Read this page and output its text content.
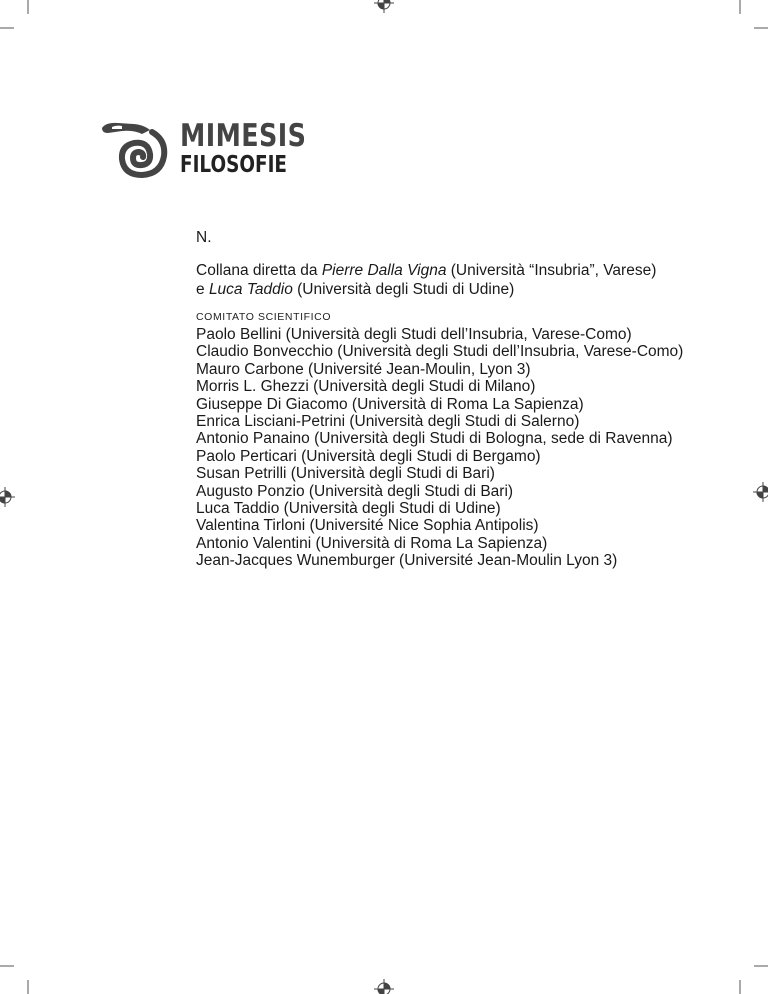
MIMESIS
FILOSOFIE
N.
Collana diretta da Pierre Dalla Vigna (Università “Insubria”, Varese)
e Luca Taddio (Università degli Studi di Udine)
COMITATO SCIENTIFICO
Paolo Bellini (Università degli Studi dell’Insubria, Varese-Como)
Claudio Bonvecchio (Università degli Studi dell’Insubria, Varese-Como)
Mauro Carbone (Université Jean-Moulin, Lyon 3)
Morris L. Ghezzi (Università degli Studi di Milano)
Giuseppe Di Giacomo (Università di Roma La Sapienza)
Enrica Lisciani-Petrini (Università degli Studi di Salerno)
Antonio Panaino (Università degli Studi di Bologna, sede di Ravenna)
Paolo Perticari (Università degli Studi di Bergamo)
Susan Petrilli (Università degli Studi di Bari)
Augusto Ponzio (Università degli Studi di Bari)
Luca Taddio (Università degli Studi di Udine)
Valentina Tirloni (Université Nice Sophia Antipolis)
Antonio Valentini (Università di Roma La Sapienza)
Jean-Jacques Wunemburger (Université Jean-Moulin Lyon 3)
